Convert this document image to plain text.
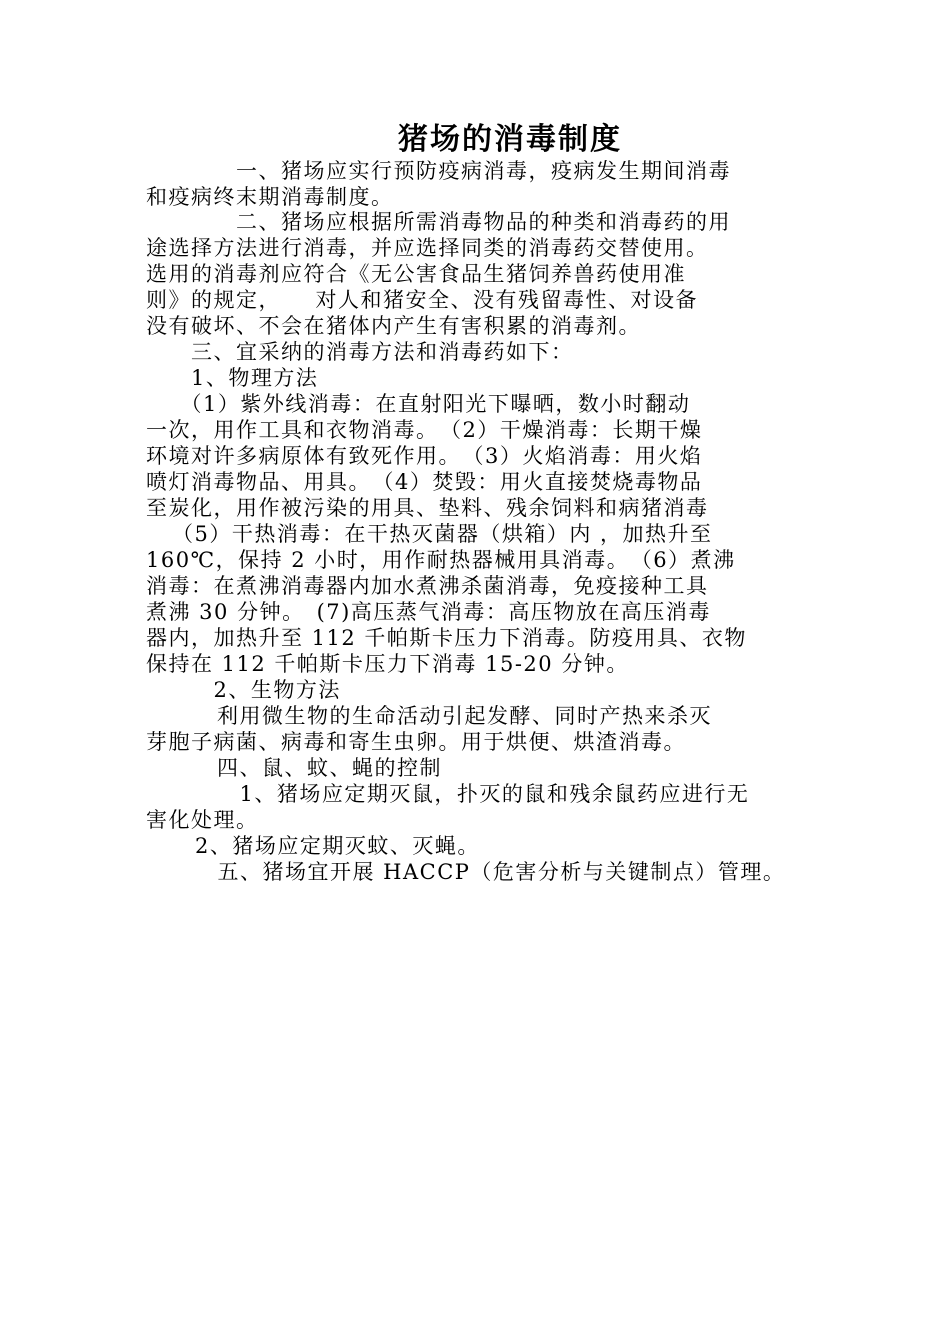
猪场的消毒制度
　　　　一、猪场应实行预防疫病消毒，疫病发生期间消毒
和疫病终末期消毒制度。
　　　　二、猪场应根据所需消毒物品的种类和消毒药的用
途选择方法进行消毒，并应选择同类的消毒药交替使用。
选用的消毒剂应符合《无公害食品生猪饲养兽药使用准
则》的规定，　　对人和猪安全、没有残留毒性、对设备
没有破坏、不会在猪体内产生有害积累的消毒剂。
　　三、宜采纳的消毒方法和消毒药如下：
　　1、物理方法
　　（1）紫外线消毒：在直射阳光下曝晒，数小时翻动
一次，用作工具和衣物消毒。　（2）干燥消毒：长期干燥
环境对许多病原体有致死作用。　（3）火焰消毒：用火焰
喷灯消毒物品、用具。　（4）焚毁：用火直接焚烧毒物品
至炭化，用作被污染的用具、垫料、残余饲料和病猪消毒
（5）干热消毒：在干热灭菌器（烘箱）内 ，加热升至
160℃，保持 2 小时，用作耐热器械用具消毒。　（6）煮沸
消毒：在煮沸消毒器内加水煮沸杀菌消毒，免疫接种工具
煮沸 30 分钟。　(7)高压蒸气消毒：高压物放在高压消毒
器内，加热升至 112 千帕斯卡压力下消毒。防疫用具、衣物
保持在 112 千帕斯卡压力下消毒 15-20 分钟。
　　　2、生物方法
　　利用微生物的生命活动引起发酵、同时产热来杀灭
芽胞子病菌、病毒和寄生虫卵。用于烘便、烘渣消毒。
　　四、鼠、蚊、蝇的控制
　　　1、猪场应定期灭鼠，扑灭的鼠和残余鼠药应进行无
害化处理。
　　2、猪场应定期灭蚊、灭蝇。
　　　五、猪场宜开展 HACCP（危害分析与关键制点）管理。
